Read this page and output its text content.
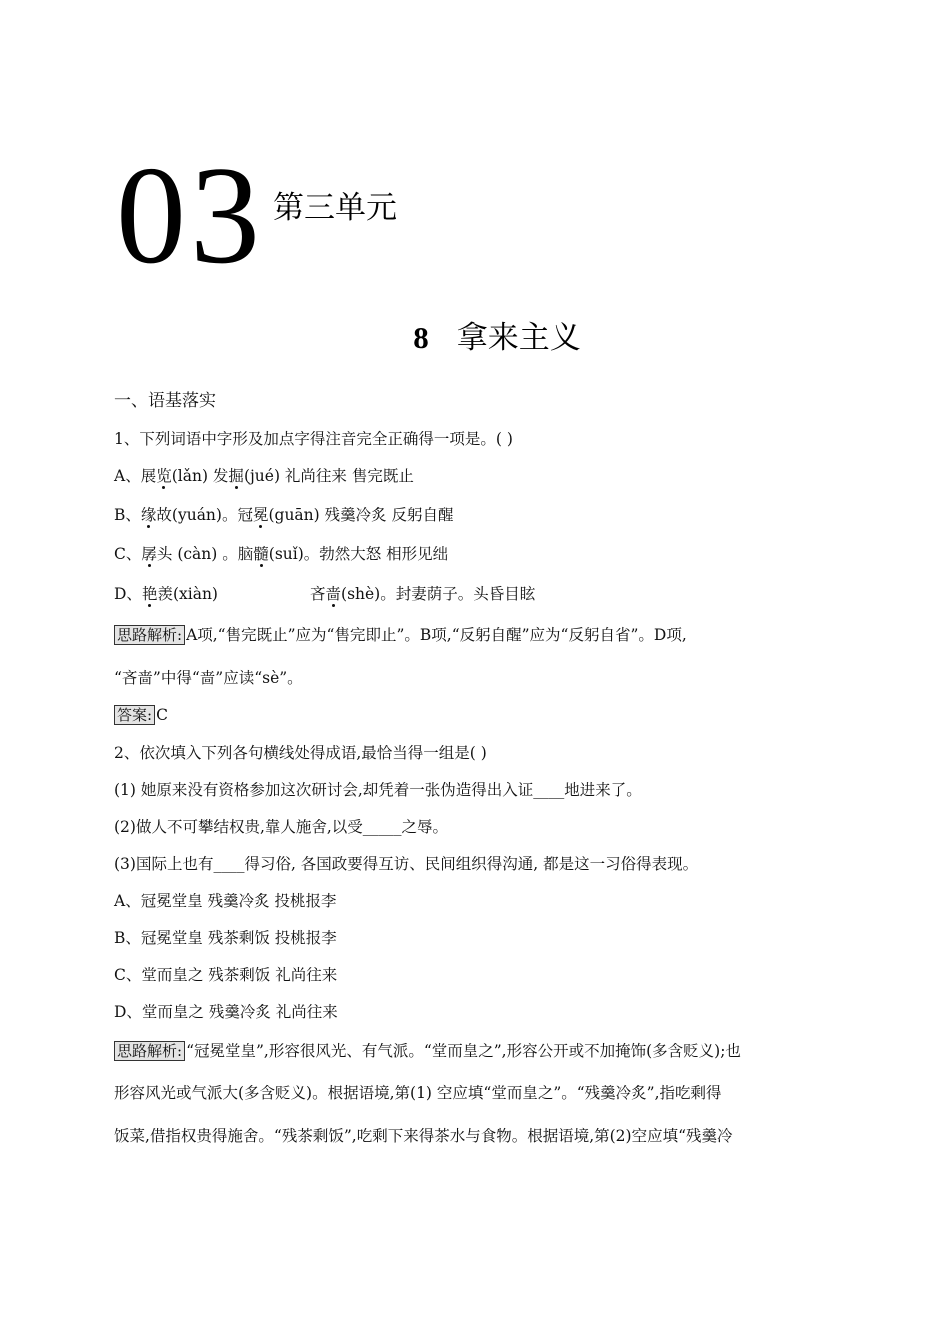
03 第三单元
8 拿来主义
一、语基落实
1、下列词语中字形及加点字得注音完全正确得一项是。( )
A、展览(lǎn) 发掘(jué) 礼尚往来 售完既止
B、缘故(yuán)。冠冕(guān) 残羹冷炙 反躬自醒
C、孱头 (càn) 。脑髓(suǐ)。勃然大怒 相形见绌
D、艳羡(xiàn)	吝啬(shè)。封妻荫子。头昏目眩
思路解析: A项,“售完既止”应为“售完即止”。B项,“反躬自醒”应为“反躬自省”。D项,
“吝啬”中得“啬”应读“sè”。
答案: C
2、依次填入下列各句横线处得成语,最恰当得一组是( )
(1) 她原来没有资格参加这次研讨会,却凭着一张伪造得出入证____地进来了。
(2)做人不可攀结权贵,靠人施舍,以受_____之辱。
(3)国际上也有____得习俗, 各国政要得互访、民间组织得沟通, 都是这一习俗得表现。
A、冠冕堂皇 残羹冷炙 投桃报李
B、冠冕堂皇 残茶剩饭 投桃报李
C、堂而皇之 残茶剩饭 礼尚往来
D、堂而皇之 残羹冷炙 礼尚往来
思路解析: “冠冕堂皇”,形容很风光、有气派。“堂而皇之”,形容公开或不加掩饰(多含贬义);也
形容风光或气派大(多含贬义)。根据语境,第(1) 空应填“堂而皇之”。“残羹冷炙”,指吃剩得
饭菜,借指权贵得施舍。“残茶剩饭”,吃剩下来得茶水与食物。根据语境,第(2)空应填“残羹冷
